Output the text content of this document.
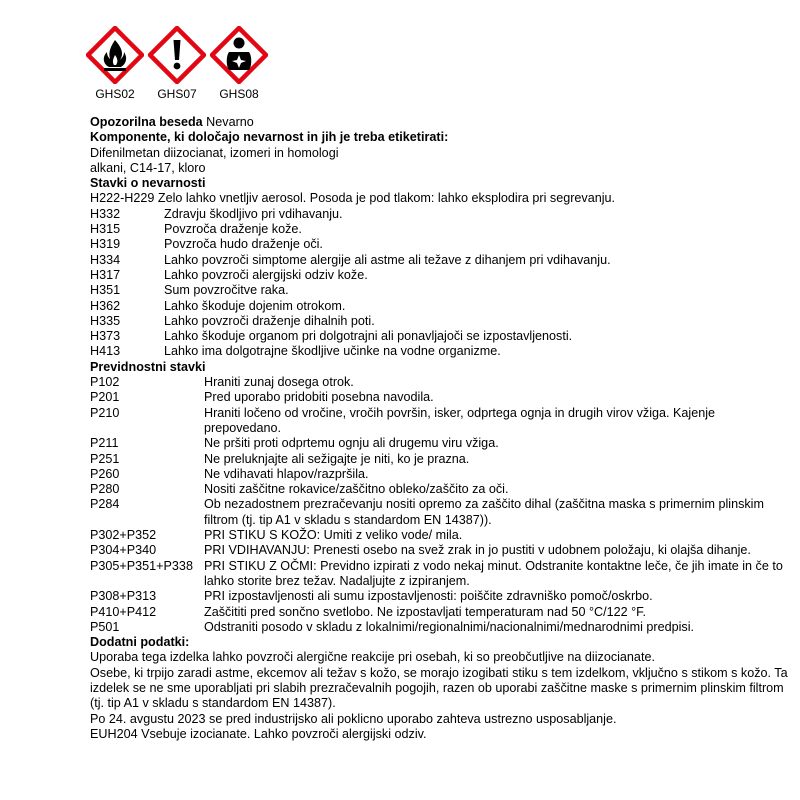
GHS02	GHS07	GHS08
Opozorilna beseda Nevarno
Komponente, ki določajo nevarnost in jih je treba etiketirati:
Difenilmetan diizocianat, izomeri in homologi
alkani, C14-17, kloro
Stavki o nevarnosti
H222-H229 Zelo lahko vnetljiv aerosol. Posoda je pod tlakom: lahko eksplodira pri segrevanju.
H332	Zdravju škodljivo pri vdihavanju.
H315	Povzroča draženje kože.
H319	Povzroča hudo draženje oči.
H334	Lahko povzroči simptome alergije ali astme ali težave z dihanjem pri vdihavanju.
H317	Lahko povzroči alergijski odziv kože.
H351	Sum povzročitve raka.
H362	Lahko škoduje dojenim otrokom.
H335	Lahko povzroči draženje dihalnih poti.
H373	Lahko škoduje organom pri dolgotrajni ali ponavljajoči se izpostavljenosti.
H413	Lahko ima dolgotrajne škodljive učinke na vodne organizme.
Previdnostni stavki
P102	Hraniti zunaj dosega otrok.
P201	Pred uporabo pridobiti posebna navodila.
P210	Hraniti ločeno od vročine, vročih površin, isker, odprtega ognja in drugih virov vžiga. Kajenje prepovedano.
P211	Ne pršiti proti odprtemu ognju ali drugemu viru vžiga.
P251	Ne preluknjajte ali sežigajte je niti, ko je prazna.
P260	Ne vdihavati hlapov/razpršila.
P280	Nositi zaščitne rokavice/zaščitno obleko/zaščito za oči.
P284	Ob nezadostnem prezračevanju nositi opremo za zaščito dihal (zaščitna maska s primernim plinskim filtrom (tj. tip A1 v skladu s standardom EN 14387)).
P302+P352	PRI STIKU S KOŽO: Umiti z veliko vode/ mila.
P304+P340	PRI VDIHAVANJU: Prenesti osebo na svež zrak in jo pustiti v udobnem položaju, ki olajša dihanje.
P305+P351+P338 PRI STIKU Z OČMI: Previdno izpirati z vodo nekaj minut. Odstranite kontaktne leče, če jih imate in če to lahko storite brez težav. Nadaljujte z izpiranjem.
P308+P313	PRI izpostavljenosti ali sumu izpostavljenosti: poiščite zdravniško pomoč/oskrbo.
P410+P412	Zaščititi pred sončno svetlobo. Ne izpostavljati temperaturam nad 50 °C/122 °F.
P501	Odstraniti posodo v skladu z lokalnimi/regionalnimi/nacionalnimi/mednarodnimi predpisi.
Dodatni podatki:
Uporaba tega izdelka lahko povzroči alergične reakcije pri osebah, ki so preobčutljive na diizocianate.
Osebe, ki trpijo zaradi astme, ekcemov ali težav s kožo, se morajo izogibati stiku s tem izdelkom, vključno s stikom s kožo. Ta izdelek se ne sme uporabljati pri slabih prezračevalnih pogojih, razen ob uporabi zaščitne maske s primernim plinskim filtrom (tj. tip A1 v skladu s standardom EN 14387).
Po 24. avgustu 2023 se pred industrijsko ali poklicno uporabo zahteva ustrezno usposabljanje.
EUH204 Vsebuje izocianate. Lahko povzroči alergijski odziv.
